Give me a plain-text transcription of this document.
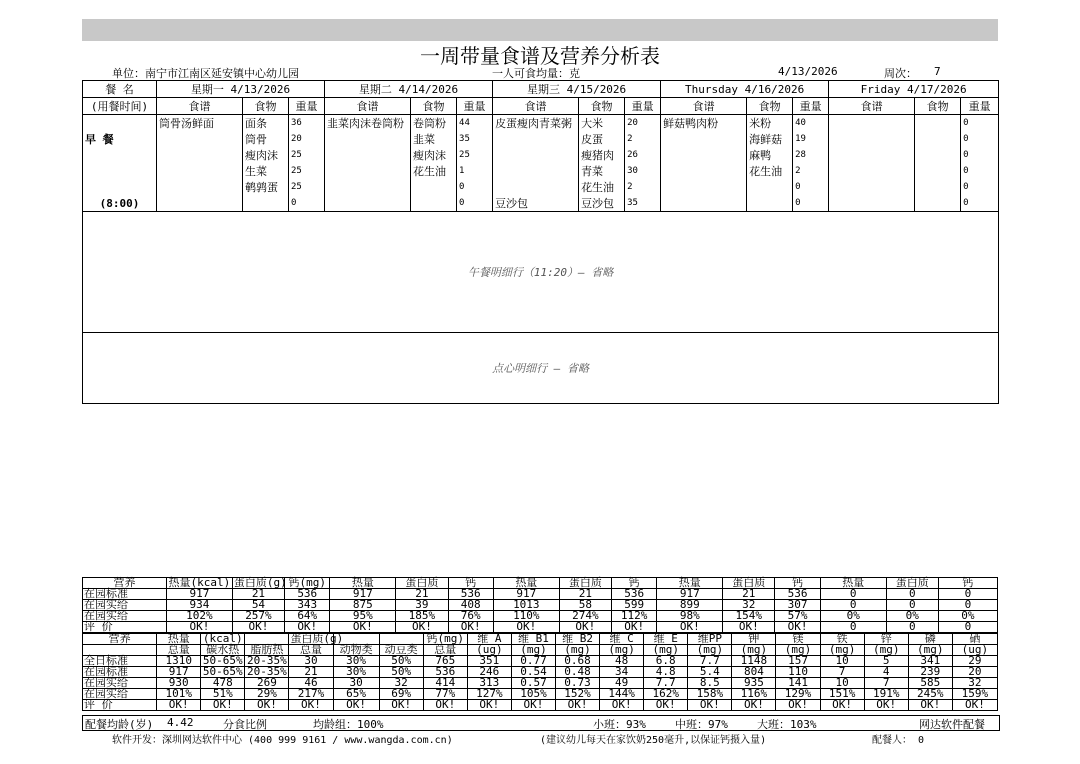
一周带量食谱及营养分析表
单位：南宁市江南区延安镇中心幼儿园	一人可食均量：克	4/13/2026	周次： 7
餐 名	星期一 4/13/2026			星期二 4/14/2026			星期三 4/15/2026			Thursday 4/16/2026			Friday 4/17/2026		
(用餐时间)	食谱	食物	重量	食谱	食物	重量	食谱	食物	重量	食谱	食物	重量	食谱	食物	重量
	筒骨汤鲜面	面条	36	韭菜肉沫卷筒粉	卷筒粉	44	皮蛋瘦肉青菜粥	大米	20	鲜菇鸭肉粉	米粉	40			0
早 餐		筒骨	20		韭菜	35		皮蛋	2		海鲜菇	19			0
		瘦肉沫	25		瘦肉沫	25		瘦猪肉	26		麻鸭	28			0
		生菜	25		花生油	1		青菜	30		花生油	2			0
		鹌鹑蛋	25			0		花生油	2			0			0
(8:00)			0			0	豆沙包	豆沙包	35			0			0
午餐明细行（11:20）— 省略															
点心明细行 — 省略															
营养	热量(kcal)	蛋白质(g)	钙(mg)	热量	蛋白质	钙	热量	蛋白质	钙	热量	蛋白质	钙	热量	蛋白质	钙
在园标准	917	21	536	917	21	536	917	21	536	917	21	536	0	0	0
在园实给	934	54	343	875	39	408	1013	58	599	899	32	307	0	0	0
在园实给	102%	257%	64%	95%	185%	76%	110%	274%	112%	98%	154%	57%	0%	0%	0%
评 价	OK!	OK!	OK!	OK!	OK!	OK!	OK!	OK!	OK!	OK!	OK!	OK!	0	0	0
营养	热量	(kcal)		蛋白质(g)			钙(mg)	维 A	维 B1	维 B2	维 C	维 E	维PP	钾	镁	铁	锌	磷	硒
	总量	碳水热	脂肪热	总量	动物类	动豆类	总量	(ug)	(mg)	(mg)	(mg)	(mg)	(mg)	(mg)	(mg)	(mg)	(mg)	(mg)	(ug)
全日标准	1310	50-65%	20-35%	30	30%	50%	765	351	0.77	0.68	48	6.8	7.7	1148	157	10	5	341	29
在园标准	917	50-65%	20-35%	21	30%	50%	536	246	0.54	0.48	34	4.8	5.4	804	110	7	4	239	20
在园实给	930	478	269	46	30	32	414	313	0.57	0.73	49	7.7	8.5	935	141	10	7	585	32
在园实给	101%	51%	29%	217%	65%	69%	77%	127%	105%	152%	144%	162%	158%	116%	129%	151%	191%	245%	159%
评 价	OK!	OK!	OK!	OK!	OK!	OK!	OK!	OK!	OK!	OK!	OK!	OK!	OK!	OK!	OK!	OK!	OK!	OK!	OK!
配餐均龄(岁) 4.42	分食比例	均龄组：100%	小班：93%	中班：97%	大班：103%	网达软件配餐
软件开发：深圳网达软件中心 (400 999 9161 / www.wangda.com.cn)	(建议幼儿每天在家饮奶250毫升,以保证钙摄入量)	配餐人： 0
